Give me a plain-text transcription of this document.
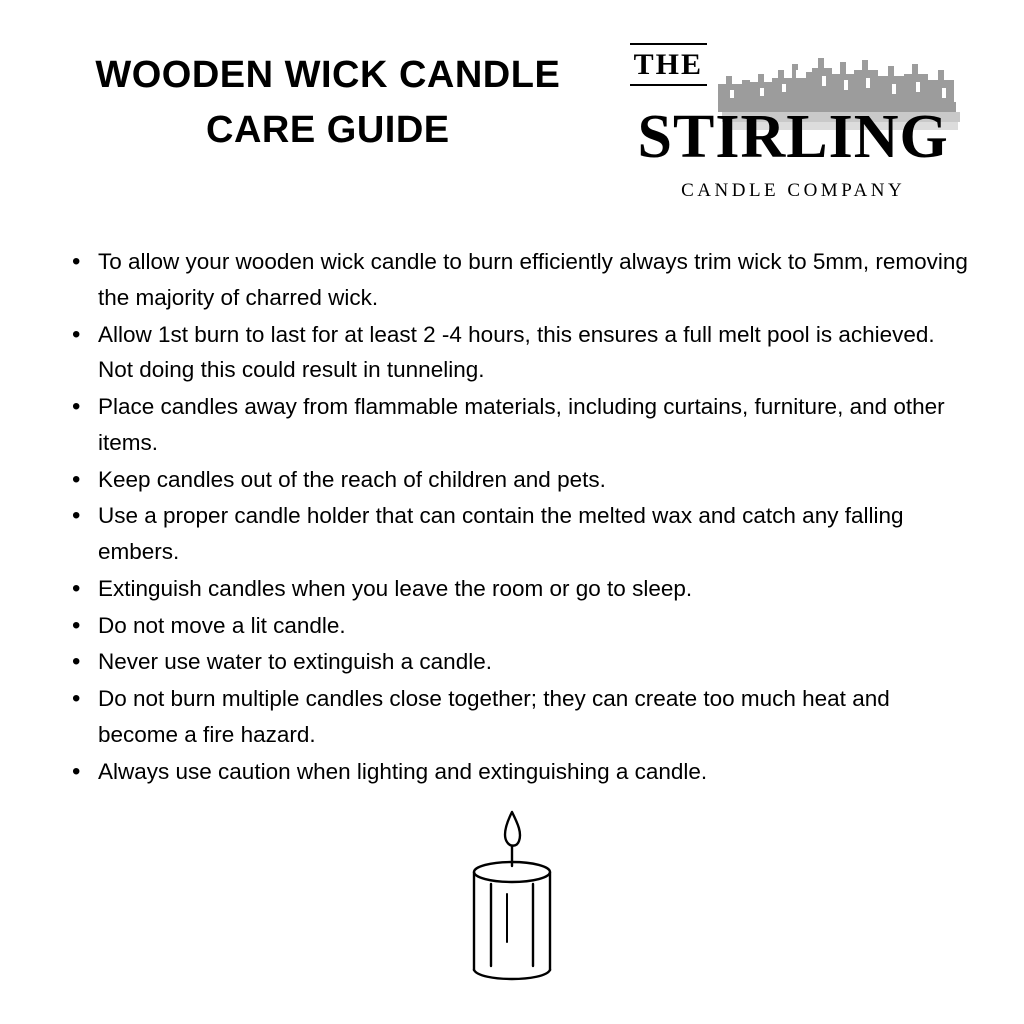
WOODEN WICK CANDLE
CARE GUIDE
THE
STIRLING
CANDLE COMPANY
• To allow your wooden wick candle to burn efficiently always trim wick to 5mm, removing the majority of charred wick.
• Allow 1st burn to last for at least 2 -4 hours, this ensures a full melt pool is achieved. Not doing this could result in tunneling.
• Place candles away from flammable materials, including curtains, furniture, and other items.
• Keep candles out of the reach of children and pets.
• Use a proper candle holder that can contain the melted wax and catch any falling embers.
• Extinguish candles when you leave the room or go to sleep.
• Do not move a lit candle.
• Never use water to extinguish a candle.
• Do not burn multiple candles close together; they can create too much heat and become a fire hazard.
• Always use caution when lighting and extinguishing a candle.
